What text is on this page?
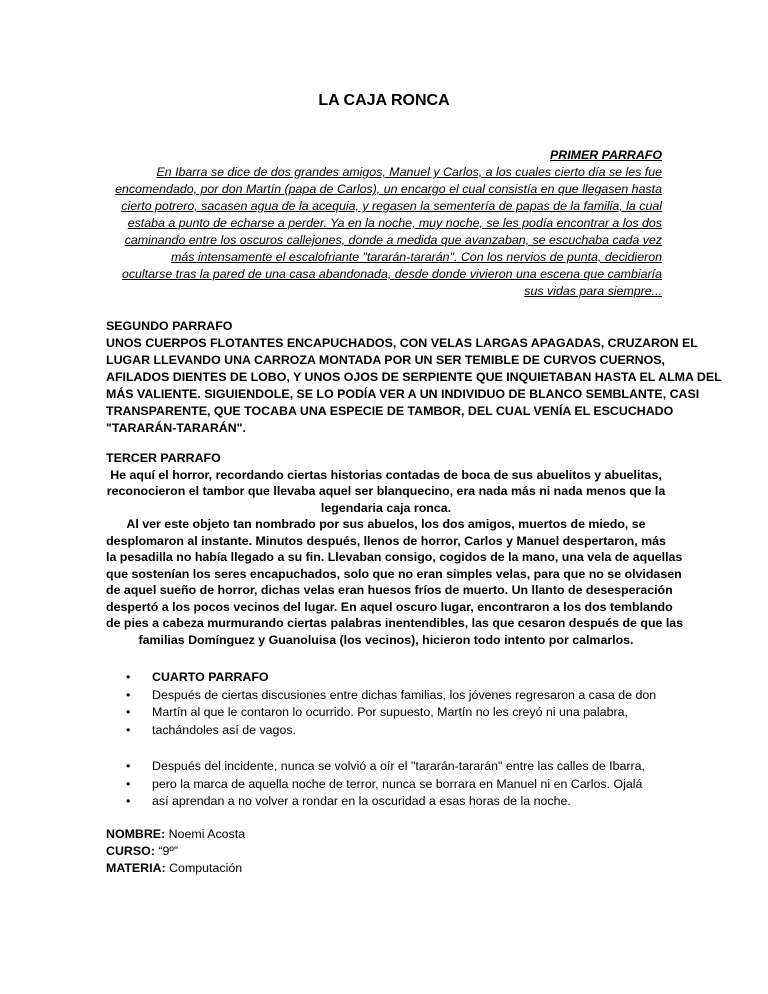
LA CAJA RONCA
PRIMER PARRAFO
En Ibarra se dice de dos grandes amigos, Manuel y Carlos, a los cuales cierto día se les fue
encomendado, por don Martín (papa de Carlos), un encargo el cual consistía en que llegasen hasta
cierto potrero, sacasen agua de la acequia, y regasen la sementería de papas de la familia, la cual
estaba a punto de echarse a perder. Ya en la noche, muy noche, se les podía encontrar a los dos
caminando entre los oscuros callejones, donde a medida que avanzaban, se escuchaba cada vez
más intensamente el escalofriante "tararán-tararán". Con los nervios de punta, decidieron
ocultarse tras la pared de una casa abandonada, desde donde vivieron una escena que cambiaría
sus vidas para siempre...
SEGUNDO PARRAFO
UNOS CUERPOS FLOTANTES ENCAPUCHADOS, CON VELAS LARGAS APAGADAS, CRUZARON EL
LUGAR LLEVANDO UNA CARROZA MONTADA POR UN SER TEMIBLE DE CURVOS CUERNOS,
AFILADOS DIENTES DE LOBO, Y UNOS OJOS DE SERPIENTE QUE INQUIETABAN HASTA EL ALMA DEL
MÁS VALIENTE. SIGUIENDOLE, SE LO PODÍA VER A UN INDIVIDUO DE BLANCO SEMBLANTE, CASI
TRANSPARENTE, QUE TOCABA UNA ESPECIE DE TAMBOR, DEL CUAL VENÍA EL ESCUCHADO
"TARARÁN-TARARÁN".
TERCER PARRAFO
He aquí el horror, recordando ciertas historias contadas de boca de sus abuelitos y abuelitas,
reconocieron el tambor que llevaba aquel ser blanquecino, era nada más ni nada menos que la
legendaria caja ronca.
Al ver este objeto tan nombrado por sus abuelos, los dos amigos, muertos de miedo, se
desplomaron al instante. Minutos después, llenos de horror, Carlos y Manuel despertaron, más
la pesadilla no había llegado a su fin. Llevaban consigo, cogidos de la mano, una vela de aquellas
que sostenían los seres encapuchados, solo que no eran simples velas, para que no se olvidasen
de aquel sueño de horror, dichas velas eran huesos fríos de muerto. Un llanto de desesperación
despertó a los pocos vecinos del lugar. En aquel oscuro lugar, encontraron a los dos temblando
de pies a cabeza murmurando ciertas palabras inentendibles, las que cesaron después de que las
familias Domínguez y Guanoluisa (los vecinos), hicieron todo intento por calmarlos.
• CUARTO PARRAFO
• Después de ciertas discusiones entre dichas familias, los jóvenes regresaron a casa de don
• Martín al que le contaron lo ocurrido. Por supuesto, Martín no les creyó ni una palabra,
• tachándoles así de vagos.
• Después del incidente, nunca se volvió a oír el "tararán-tararán" entre las calles de Ibarra,
• pero la marca de aquella noche de terror, nunca se borrara en Manuel ni en Carlos. Ojalá
• así aprendan a no volver a rondar en la oscuridad a esas horas de la noche.
NOMBRE: Noemi Acosta
CURSO: “9º”
MATERIA: Computación
